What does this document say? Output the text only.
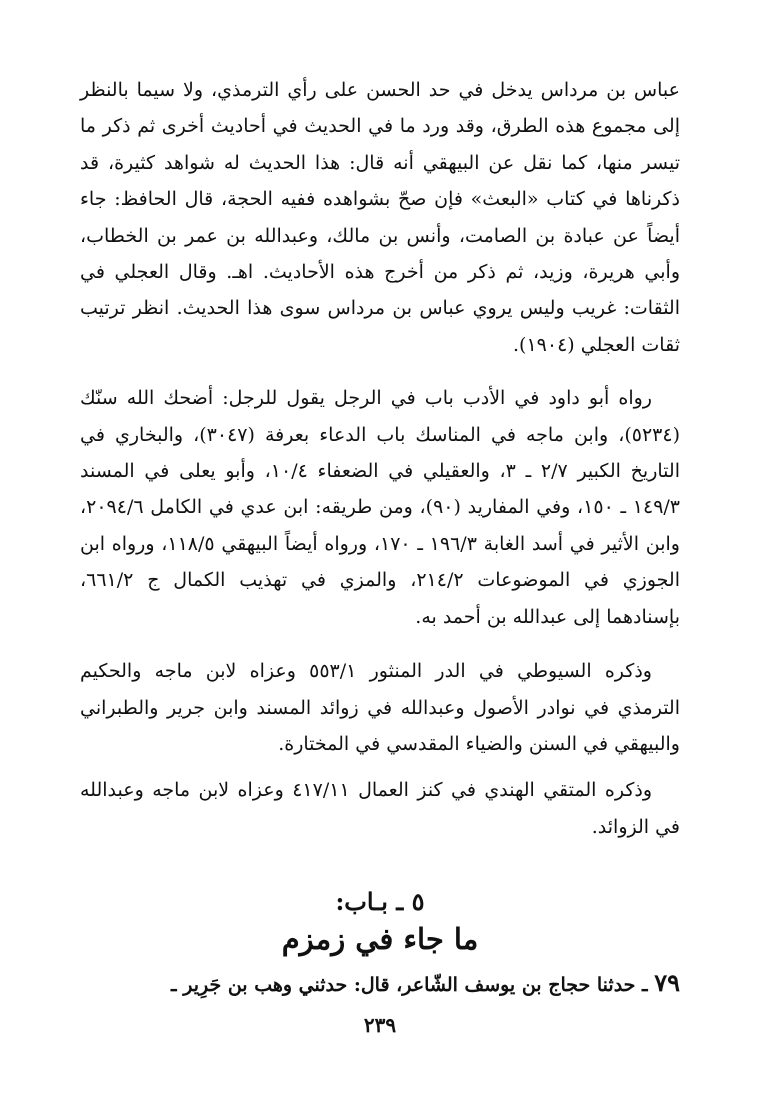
عباس بن مرداس يدخل في حد الحسن على رأي الترمذي، ولا سيما بالنظر إلى مجموع هذه الطرق، وقد ورد ما في الحديث في أحاديث أخرى ثم ذكر ما تيسر منها، كما نقل عن البيهقي أنه قال: هذا الحديث له شواهد كثيرة، قد ذكرناها في كتاب «البعث» فإن صحّ بشواهده ففيه الحجة، قال الحافظ: جاء أيضاً عن عبادة بن الصامت، وأنس بن مالك، وعبدالله بن عمر بن الخطاب، وأبي هريرة، وزيد، ثم ذكر من أخرج هذه الأحاديث. اهـ. وقال العجلي في الثقات: غريب وليس يروي عباس بن مرداس سوى هذا الحديث. انظر ترتيب ثقات العجلي (١٩٠٤).

رواه أبو داود في الأدب باب في الرجل يقول للرجل: أضحك الله سنّك (٥٢٣٤)، وابن ماجه في المناسك باب الدعاء بعرفة (٣٠٤٧)، والبخاري في التاريخ الكبير ٢/٧ ـ ٣، والعقيلي في الضعفاء ١٠/٤، وأبو يعلى في المسند ١٤٩/٣ ـ ١٥٠، وفي المفاريد (٩٠)، ومن طريقه: ابن عدي في الكامل ٢٠٩٤/٦، وابن الأثير في أسد الغابة ١٩٦/٣ ـ ١٧٠، ورواه أيضاً البيهقي ١١٨/٥، ورواه ابن الجوزي في الموضوعات ٢١٤/٢، والمزي في تهذيب الكمال ج ٦٦١/٢، بإسنادهما إلى عبدالله بن أحمد به.

وذكره السيوطي في الدر المنثور ٥٥٣/١ وعزاه لابن ماجه والحكيم الترمذي في نوادر الأصول وعبدالله في زوائد المسند وابن جرير والطبراني والبيهقي في السنن والضياء المقدسي في المختارة.

وذكره المتقي الهندي في كنز العمال ٤١٧/١١ وعزاه لابن ماجه وعبدالله في الزوائد.

٥ ـ بـاب:
ما جاء في زمزم
٧٩ ـ حدثنا حجاج بن يوسف الشّاعر، قال: حدثني وهب بن جَرِير ـ
٢٣٩
